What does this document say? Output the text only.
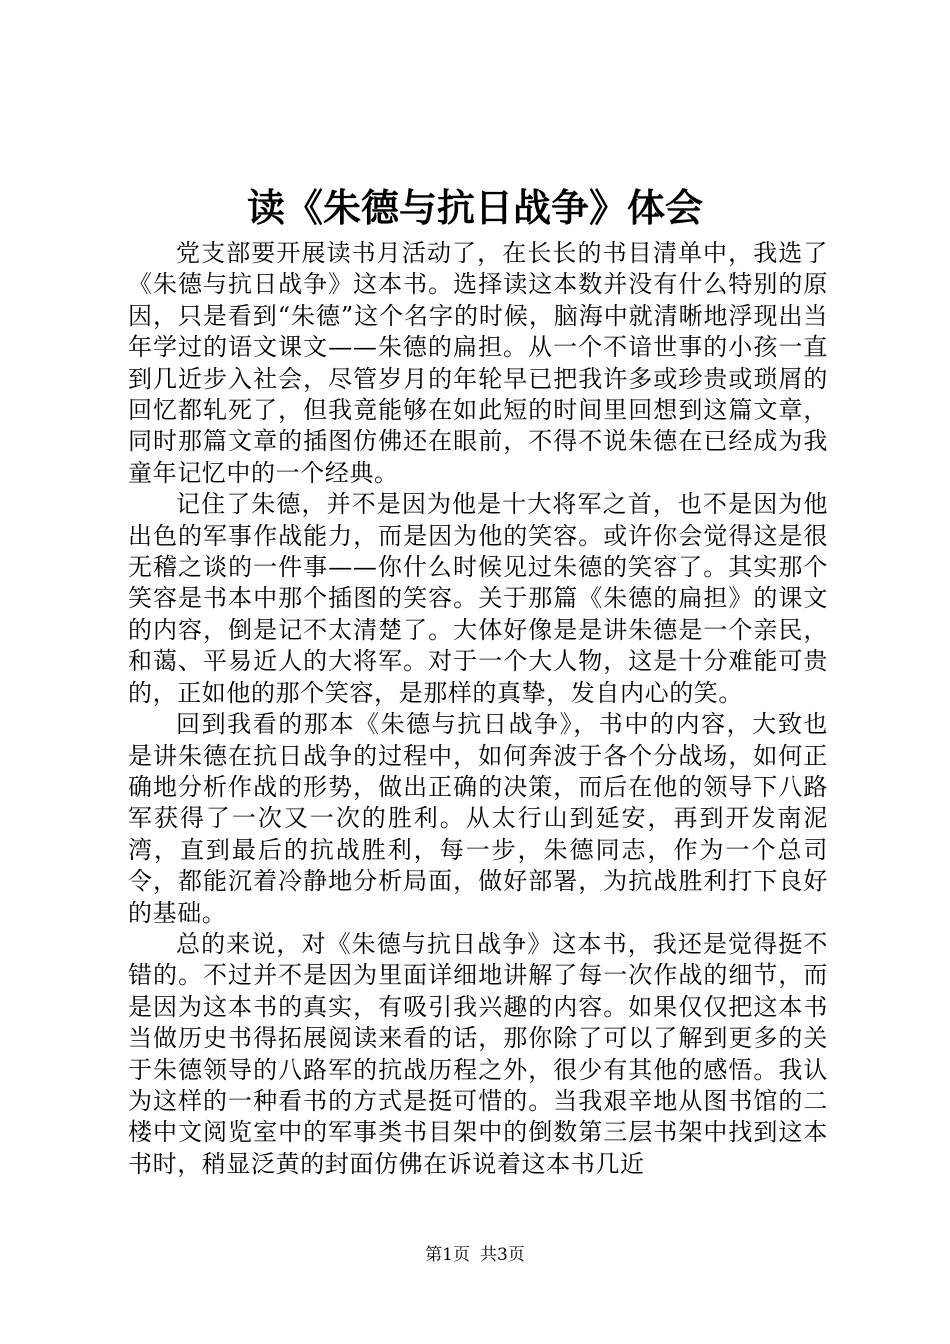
读《朱德与抗日战争》体会

党支部要开展读书月活动了，在长长的书目清单中，我选了《朱德与抗日战争》这本书。选择读这本数并没有什么特别的原因，只是看到“朱德”这个名字的时候，脑海中就清晰地浮现出当年学过的语文课文——朱德的扁担。从一个不谙世事的小孩一直到几近步入社会，尽管岁月的年轮早已把我许多或珍贵或琐屑的回忆都轧死了，但我竟能够在如此短的时间里回想到这篇文章，同时那篇文章的插图仿佛还在眼前，不得不说朱德在已经成为我童年记忆中的一个经典。

记住了朱德，并不是因为他是十大将军之首，也不是因为他出色的军事作战能力，而是因为他的笑容。或许你会觉得这是很无稽之谈的一件事——你什么时候见过朱德的笑容了。其实那个笑容是书本中那个插图的笑容。关于那篇《朱德的扁担》的课文的内容，倒是记不太清楚了。大体好像是是讲朱德是一个亲民，和蔼、平易近人的大将军。对于一个大人物，这是十分难能可贵的，正如他的那个笑容，是那样的真挚，发自内心的笑。

回到我看的那本《朱德与抗日战争》，书中的内容，大致也是讲朱德在抗日战争的过程中，如何奔波于各个分战场，如何正确地分析作战的形势，做出正确的决策，而后在他的领导下八路军获得了一次又一次的胜利。从太行山到延安，再到开发南泥湾，直到最后的抗战胜利，每一步，朱德同志，作为一个总司令，都能沉着冷静地分析局面，做好部署，为抗战胜利打下良好的基础。

总的来说，对《朱德与抗日战争》这本书，我还是觉得挺不错的。不过并不是因为里面详细地讲解了每一次作战的细节，而是因为这本书的真实，有吸引我兴趣的内容。如果仅仅把这本书当做历史书得拓展阅读来看的话，那你除了可以了解到更多的关于朱德领导的八路军的抗战历程之外，很少有其他的感悟。我认为这样的一种看书的方式是挺可惜的。当我艰辛地从图书馆的二楼中文阅览室中的军事类书目架中的倒数第三层书架中找到这本书时，稍显泛黄的封面仿佛在诉说着这本书几近

第1页 共3页
